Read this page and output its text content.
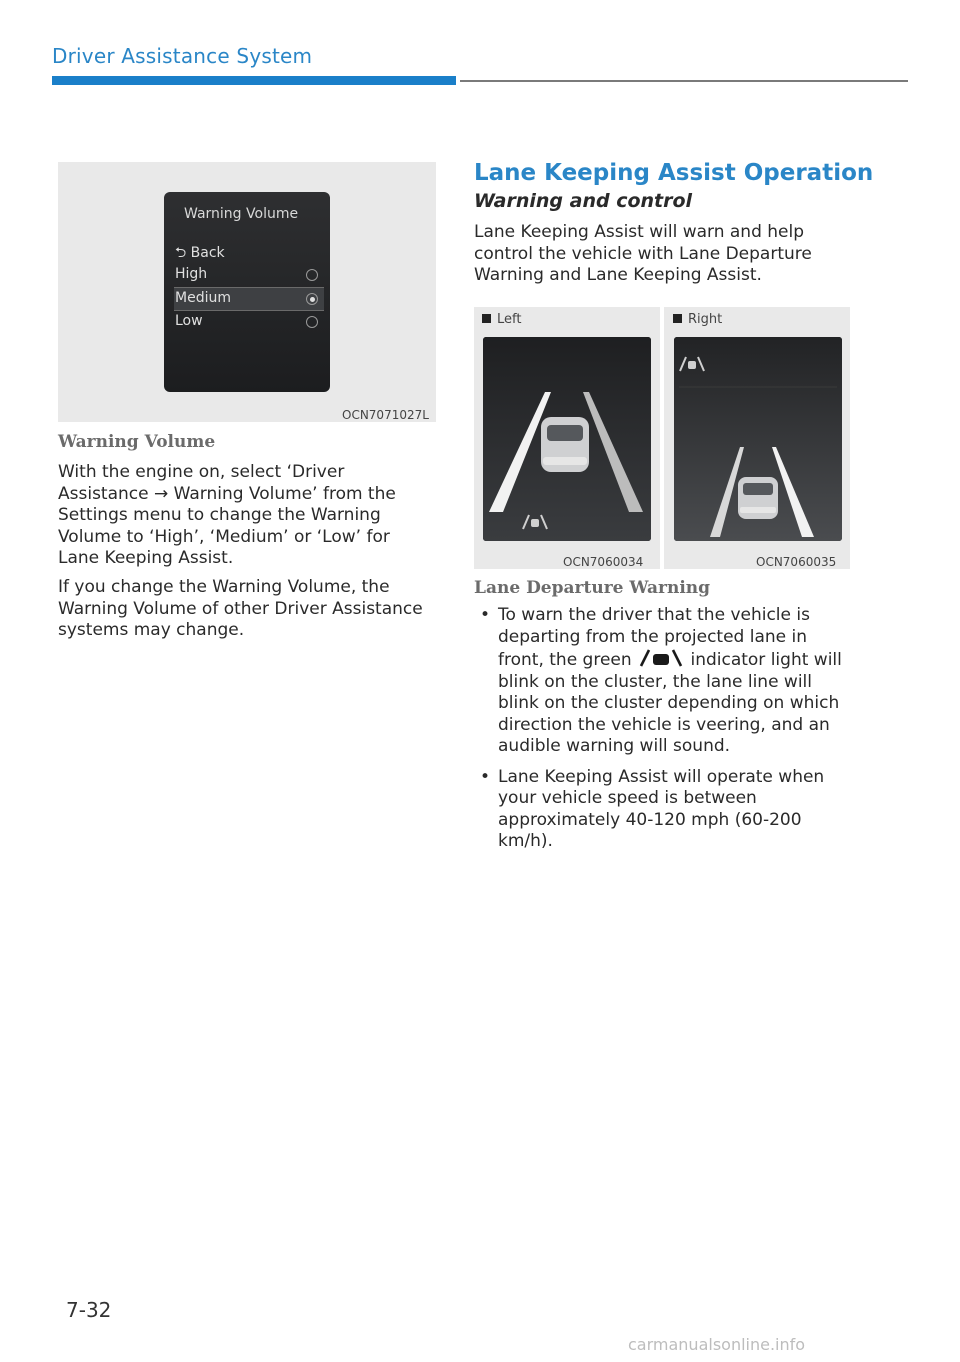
Driver Assistance System
Warning Volume
⮌ Back
High
Medium
Low
OCN7071027L
Warning Volume
With the engine on, select ‘Driver Assistance → Warning Volume’ from the Settings menu to change the Warning Volume to ‘High’, ‘Medium’ or ‘Low’ for Lane Keeping Assist.
If you change the Warning Volume, the Warning Volume of other Driver Assistance systems may change.
Lane Keeping Assist Operation
Warning and control
Lane Keeping Assist will warn and help control the vehicle with Lane Departure Warning and Lane Keeping Assist.
Left
OCN7060034
Right
OCN7060035
Lane Departure Warning
• To warn the driver that the vehicle is departing from the projected lane in front, the green	indicator light will blink on the cluster, the lane line will blink on the cluster depending on which direction the vehicle is veering, and an audible warning will sound.
• Lane Keeping Assist will operate when your vehicle speed is between approximately 40-120 mph (60-200 km/h).
7-32
carmanualsonline.info
